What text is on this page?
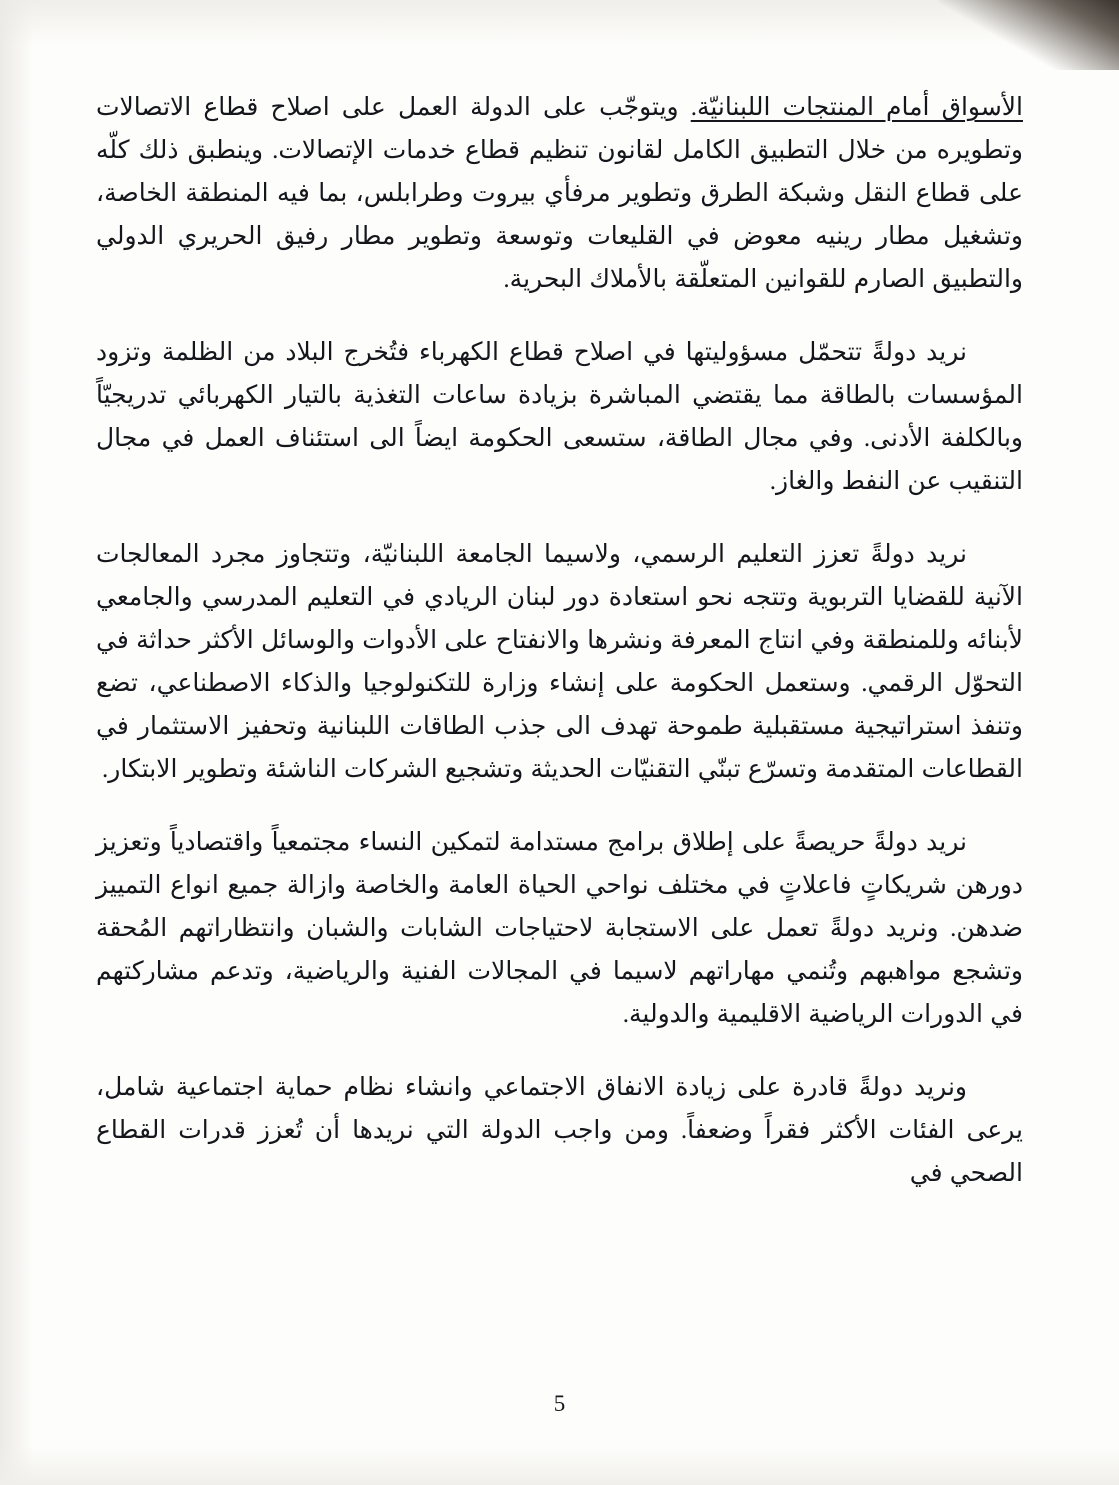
الأسواق أمام المنتجات اللبنانيّة. ويتوجّب على الدولة العمل على اصلاح قطاع الاتصالات وتطويره من خلال التطبيق الكامل لقانون تنظيم قطاع خدمات الإتصالات. وينطبق ذلك كلّه على قطاع النقل وشبكة الطرق وتطوير مرفأي بيروت وطرابلس، بما فيه المنطقة الخاصة، وتشغيل مطار رينيه معوض في القليعات وتوسعة وتطوير مطار رفيق الحريري الدولي والتطبيق الصارم للقوانين المتعلّقة بالأملاك البحرية.

نريد دولةً تتحمّل مسؤوليتها في اصلاح قطاع الكهرباء فتُخرج البلاد من الظلمة وتزود المؤسسات بالطاقة مما يقتضي المباشرة بزيادة ساعات التغذية بالتيار الكهربائي تدريجيّاً وبالكلفة الأدنى. وفي مجال الطاقة، ستسعى الحكومة ايضاً الى استئناف العمل في مجال التنقيب عن النفط والغاز.

نريد دولةً تعزز التعليم الرسمي، ولاسيما الجامعة اللبنانيّة، وتتجاوز مجرد المعالجات الآنية للقضايا التربوية وتتجه نحو استعادة دور لبنان الريادي في التعليم المدرسي والجامعي لأبنائه وللمنطقة وفي انتاج المعرفة ونشرها والانفتاح على الأدوات والوسائل الأكثر حداثة في التحوّل الرقمي. وستعمل الحكومة على إنشاء وزارة للتكنولوجيا والذكاء الاصطناعي، تضع وتنفذ استراتيجية مستقبلية طموحة تهدف الى جذب الطاقات اللبنانية وتحفيز الاستثمار في القطاعات المتقدمة وتسرّع تبنّي التقنيّات الحديثة وتشجيع الشركات الناشئة وتطوير الابتكار.

نريد دولةً حريصةً على إطلاق برامج مستدامة لتمكين النساء مجتمعياً واقتصادياً وتعزيز دورهن شريكاتٍ فاعلاتٍ في مختلف نواحي الحياة العامة والخاصة وازالة جميع انواع التمييز ضدهن. ونريد دولةً تعمل على الاستجابة لاحتياجات الشابات والشبان وانتظاراتهم المُحقة وتشجع مواهبهم وتُنمي مهاراتهم لاسيما في المجالات الفنية والرياضية، وتدعم مشاركتهم في الدورات الرياضية الاقليمية والدولية.

ونريد دولةً قادرة على زيادة الانفاق الاجتماعي وانشاء نظام حماية اجتماعية شامل، يرعى الفئات الأكثر فقراً وضعفاً. ومن واجب الدولة التي نريدها أن تُعزز قدرات القطاع الصحي في

5
